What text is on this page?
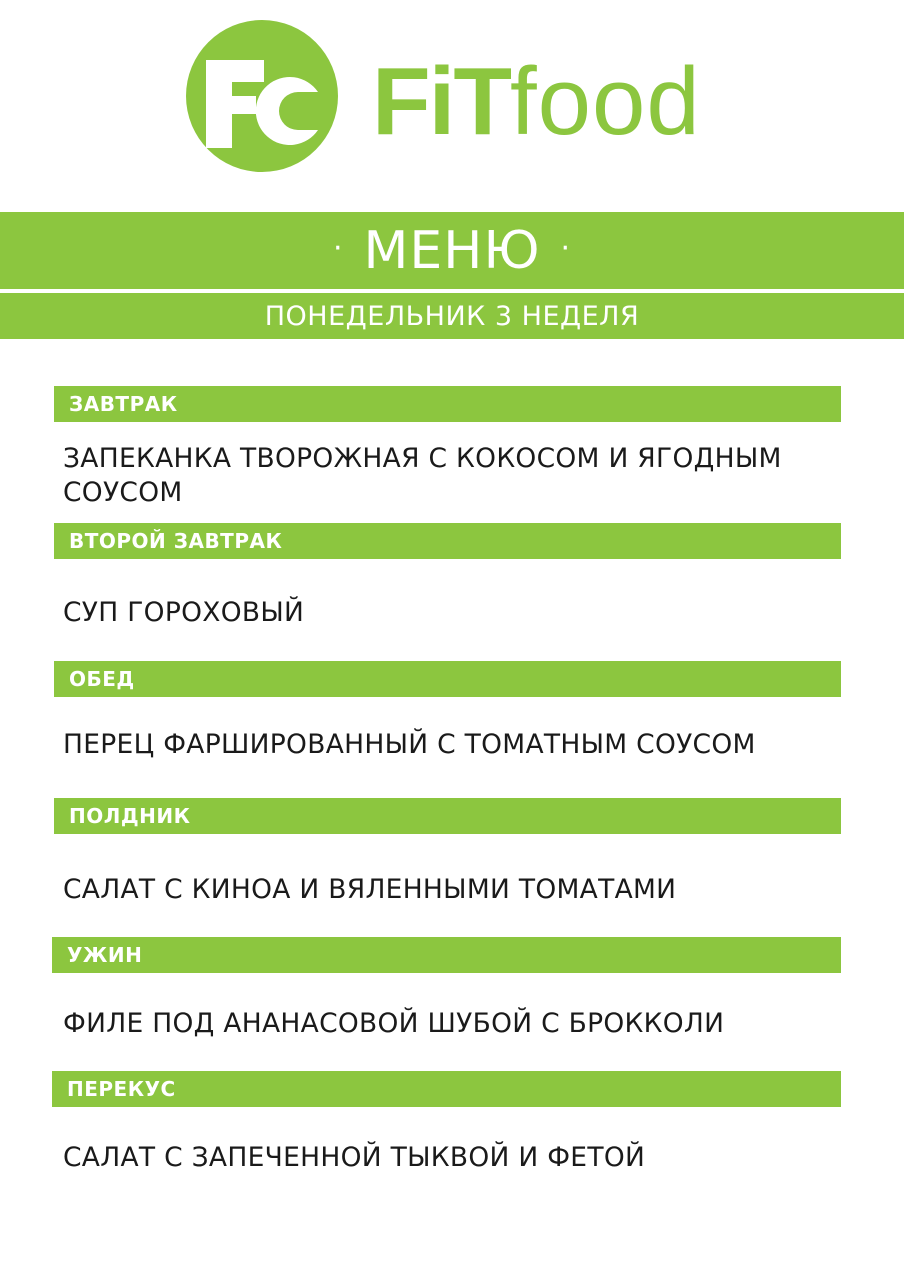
FiTfood
· МЕНЮ ·
ПОНЕДЕЛЬНИК 3 НЕДЕЛЯ
ЗАВТРАК
ЗАПЕКАНКА ТВОРОЖНАЯ С КОКОСОМ И ЯГОДНЫМ СОУСОМ
ВТОРОЙ ЗАВТРАК
СУП ГОРОХОВЫЙ
ОБЕД
ПЕРЕЦ ФАРШИРОВАННЫЙ С ТОМАТНЫМ СОУСОМ
ПОЛДНИК
САЛАТ С КИНОА И ВЯЛЕННЫМИ ТОМАТАМИ
УЖИН
ФИЛЕ ПОД АНАНАСОВОЙ ШУБОЙ С БРОККОЛИ
ПЕРЕКУС
САЛАТ С ЗАПЕЧЕННОЙ ТЫКВОЙ И ФЕТОЙ
